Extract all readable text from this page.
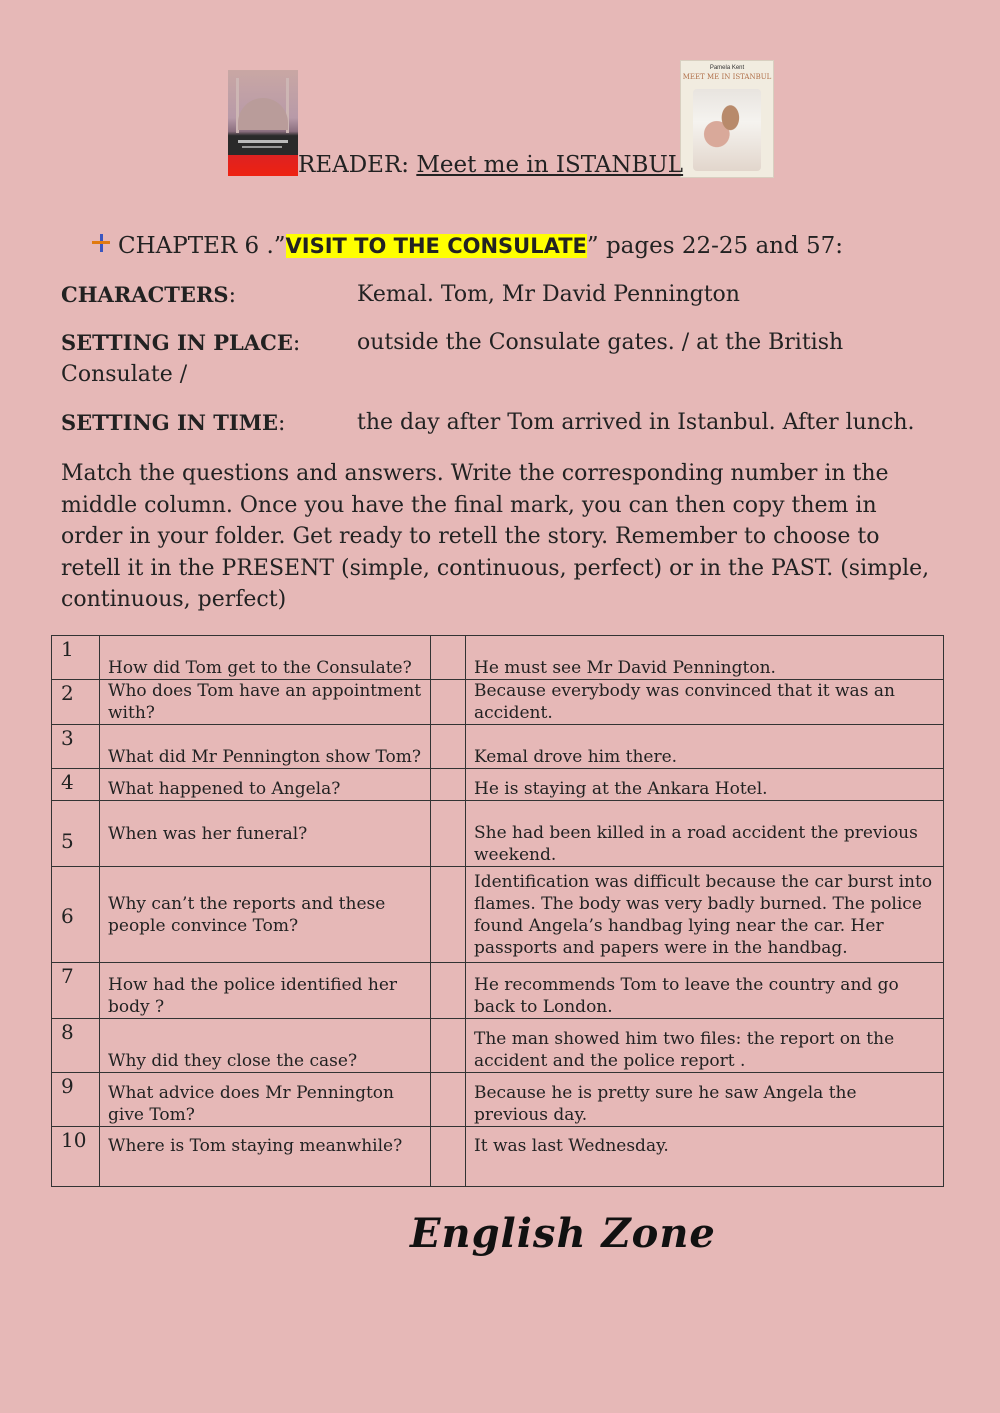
Pamela Kent
MEET ME IN ISTANBUL
READER: Meet me in ISTANBUL
CHAPTER 6 .”VISIT TO THE CONSULATE” pages 22-25 and 57:
CHARACTERS:	Kemal. Tom, Mr David Pennington
SETTING IN PLACE:	outside the Consulate gates. / at the British
Consulate /
SETTING IN TIME:	the day after Tom arrived in Istanbul. After lunch.
Match the questions and answers. Write the corresponding number in the middle column. Once you have the final mark, you can then copy them in order in your folder. Get ready to retell the story. Remember to choose to retell it in the PRESENT (simple, continuous, perfect) or in the PAST. (simple, continuous, perfect)
1	How did Tom get to the Consulate?		He must see Mr David Pennington.
2	Who does Tom have an appointment with?		Because everybody was convinced that it was an accident.
3	What did Mr Pennington show Tom?		Kemal drove him there.
4	What happened to Angela?		He is staying at the Ankara Hotel.
5	When was her funeral?		She had been killed in a road accident the previous weekend.
6	Why can’t the reports and these people convince Tom?		Identification was difficult because the car burst into flames. The body was very badly burned. The police found Angela’s handbag lying near the car. Her passports and papers were in the handbag.
7	How had the police identified her body ?		He recommends Tom to leave the country and go back to London.
8	Why did they close the case?		The man showed him two files: the report on the accident and the police report .
9	What advice does Mr Pennington give Tom?		Because he is pretty sure he saw Angela the previous day.
10	Where is Tom staying meanwhile?		It was last Wednesday.
English Zone
